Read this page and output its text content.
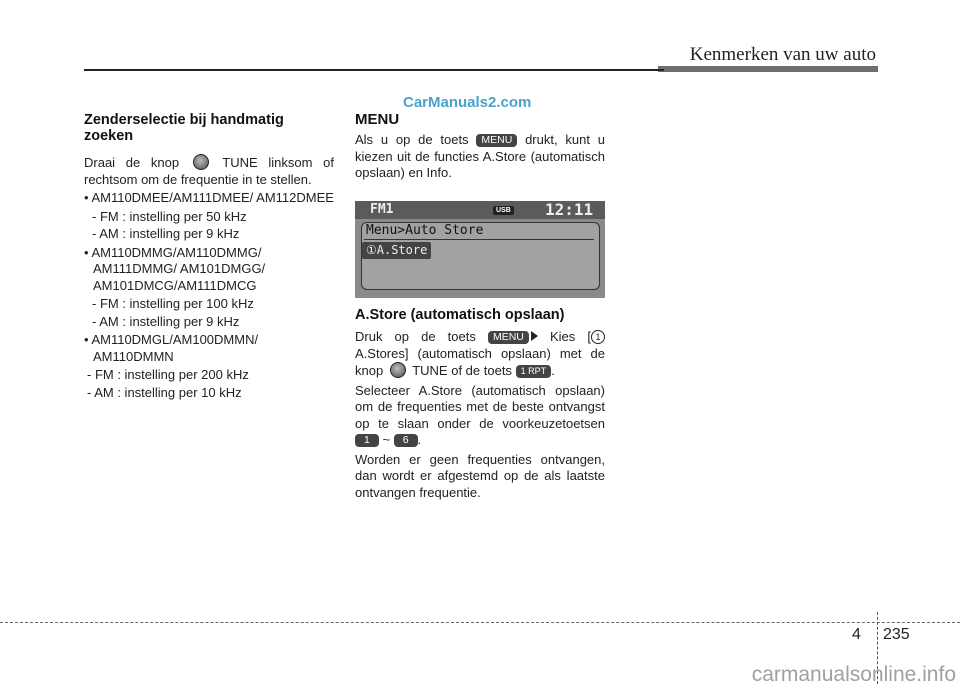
Kenmerken van uw auto
CarManuals2.com

Zenderselectie bij handmatig zoeken

Draai de knop	TUNE linksom of rechtsom om de frequentie in te stellen.

• AM110DMEE/AM111DMEE/ AM112DMEE

- FM : instelling per 50 kHz

- AM : instelling per 9 kHz

• AM110DMMG/AM110DMMG/ AM111DMMG/ AM101DMGG/ AM101DMCG/AM111DMCG

- FM : instelling per 100 kHz

- AM : instelling per 9 kHz

• AM110DMGL/AM100DMMN/ AM110DMMN

- FM : instelling per 200 kHz

- AM : instelling per 10 kHz

MENU

Als u op de toets MENU drukt, kunt u kiezen uit de functies A.Store (automatisch opslaan) en Info.

FM1	USB 12:11
Menu>Auto Store
①A.Store

A.Store (automatisch opslaan)

Druk op de toets MENU Kies [ 1 A.Stores] (automatisch opslaan) met de knop TUNE of de toets 1 RPT .

Selecteer A.Store (automatisch opslaan) om de frequenties met de beste ontvangst op te slaan onder de voorkeuzetoetsen 1 ~ 6 .

Worden er geen frequenties ontvangen, dan wordt er afgestemd op de als laatste ontvangen frequentie.

4 235
carmanualsonline.info
